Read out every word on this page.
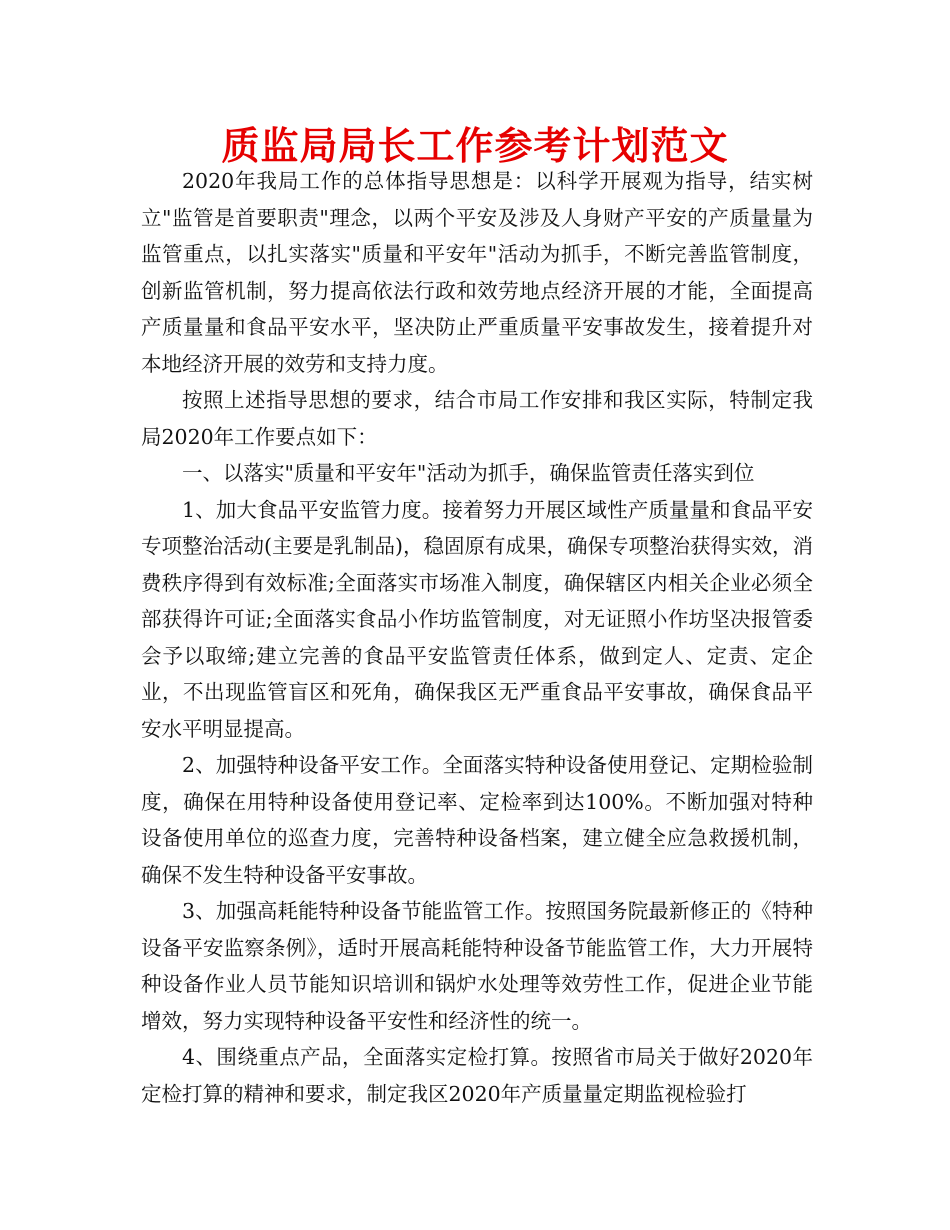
质监局局长工作参考计划范文

2020年我局工作的总体指导思想是：以科学开展观为指导，结实树立"监管是首要职责"理念，以两个平安及涉及人身财产平安的产质量量为监管重点，以扎实落实"质量和平安年"活动为抓手，不断完善监管制度，创新监管机制，努力提高依法行政和效劳地点经济开展的才能，全面提高产质量量和食品平安水平，坚决防止严重质量平安事故发生，接着提升对本地经济开展的效劳和支持力度。

按照上述指导思想的要求，结合市局工作安排和我区实际，特制定我局2020年工作要点如下：

一、以落实"质量和平安年"活动为抓手，确保监管责任落实到位

1、加大食品平安监管力度。接着努力开展区域性产质量量和食品平安专项整治活动(主要是乳制品)，稳固原有成果，确保专项整治获得实效，消费秩序得到有效标准;全面落实市场准入制度，确保辖区内相关企业必须全部获得许可证;全面落实食品小作坊监管制度，对无证照小作坊坚决报管委会予以取缔;建立完善的食品平安监管责任体系，做到定人、定责、定企业，不出现监管盲区和死角，确保我区无严重食品平安事故，确保食品平安水平明显提高。

2、加强特种设备平安工作。全面落实特种设备使用登记、定期检验制度，确保在用特种设备使用登记率、定检率到达100%。不断加强对特种设备使用单位的巡查力度，完善特种设备档案，建立健全应急救援机制，确保不发生特种设备平安事故。

3、加强高耗能特种设备节能监管工作。按照国务院最新修正的《特种设备平安监察条例》，适时开展高耗能特种设备节能监管工作，大力开展特种设备作业人员节能知识培训和锅炉水处理等效劳性工作，促进企业节能增效，努力实现特种设备平安性和经济性的统一。

4、围绕重点产品，全面落实定检打算。按照省市局关于做好2020年定检打算的精神和要求，制定我区2020年产质量量定期监视检验打
